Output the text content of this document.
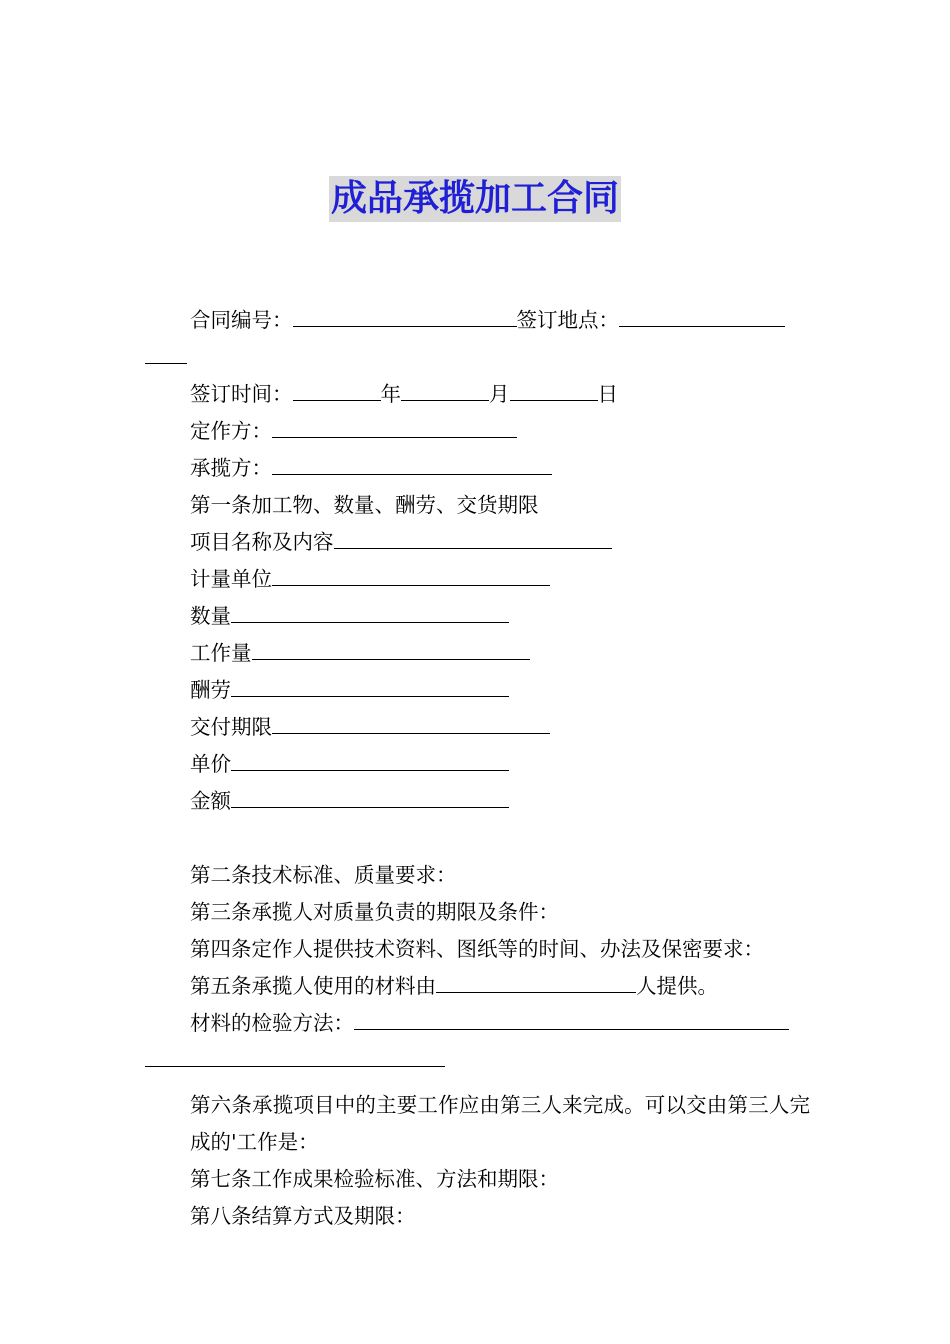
成品承揽加工合同
合同编号：	签订地点：
签订时间：	年	月	日
定作方：
承揽方：
第一条加工物、数量、酬劳、交货期限
项目名称及内容
计量单位
数量
工作量
酬劳
交付期限
单价
金额
第二条技术标准、质量要求：
第三条承揽人对质量负责的期限及条件：
第四条定作人提供技术资料、图纸等的时间、办法及保密要求：
第五条承揽人使用的材料由	人提供。
材料的检验方法：
第六条承揽项目中的主要工作应由第三人来完成。可以交由第三人完成的'工作是：
第七条工作成果检验标准、方法和期限：
第八条结算方式及期限：
